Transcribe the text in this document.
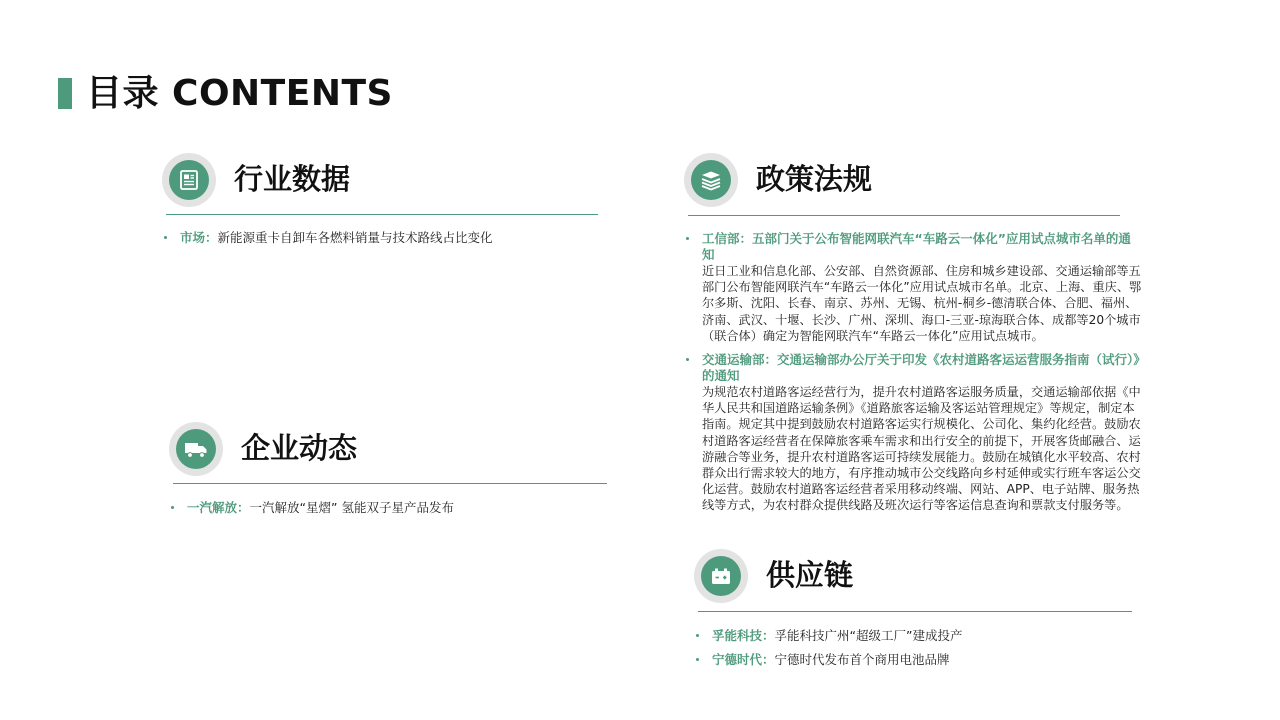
目录 CONTENTS
行业数据
市场：新能源重卡自卸车各燃料销量与技术路线占比变化
政策法规
工信部：五部门关于公布智能网联汽车“车路云一体化”应用试点城市名单的通知
近日工业和信息化部、公安部、自然资源部、住房和城乡建设部、交通运输部等五部门公布智能网联汽车“车路云一体化”应用试点城市名单。北京、上海、重庆、鄂尔多斯、沈阳、长春、南京、苏州、无锡、杭州-桐乡-德清联合体、合肥、福州、济南、武汉、十堰、长沙、广州、深圳、海口-三亚-琼海联合体、成都等20个城市（联合体）确定为智能网联汽车“车路云一体化”应用试点城市。
交通运输部：交通运输部办公厅关于印发《农村道路客运运营服务指南（试行）》的通知
为规范农村道路客运经营行为，提升农村道路客运服务质量，交通运输部依据《中华人民共和国道路运输条例》《道路旅客运输及客运站管理规定》等规定，制定本指南。规定其中提到鼓励农村道路客运实行规模化、公司化、集约化经营。鼓励农村道路客运经营者在保障旅客乘车需求和出行安全的前提下，开展客货邮融合、运游融合等业务，提升农村道路客运可持续发展能力。鼓励在城镇化水平较高、农村群众出行需求较大的地方，有序推动城市公交线路向乡村延伸或实行班车客运公交化运营。鼓励农村道路客运经营者采用移动终端、网站、APP、电子站牌、服务热线等方式，为农村群众提供线路及班次运行等客运信息查询和票款支付服务等。
企业动态
一汽解放：一汽解放“星熠” 氢能双子星产品发布
供应链
孚能科技：孚能科技广州“超级工厂”建成投产
宁德时代：宁德时代发布首个商用电池品牌
